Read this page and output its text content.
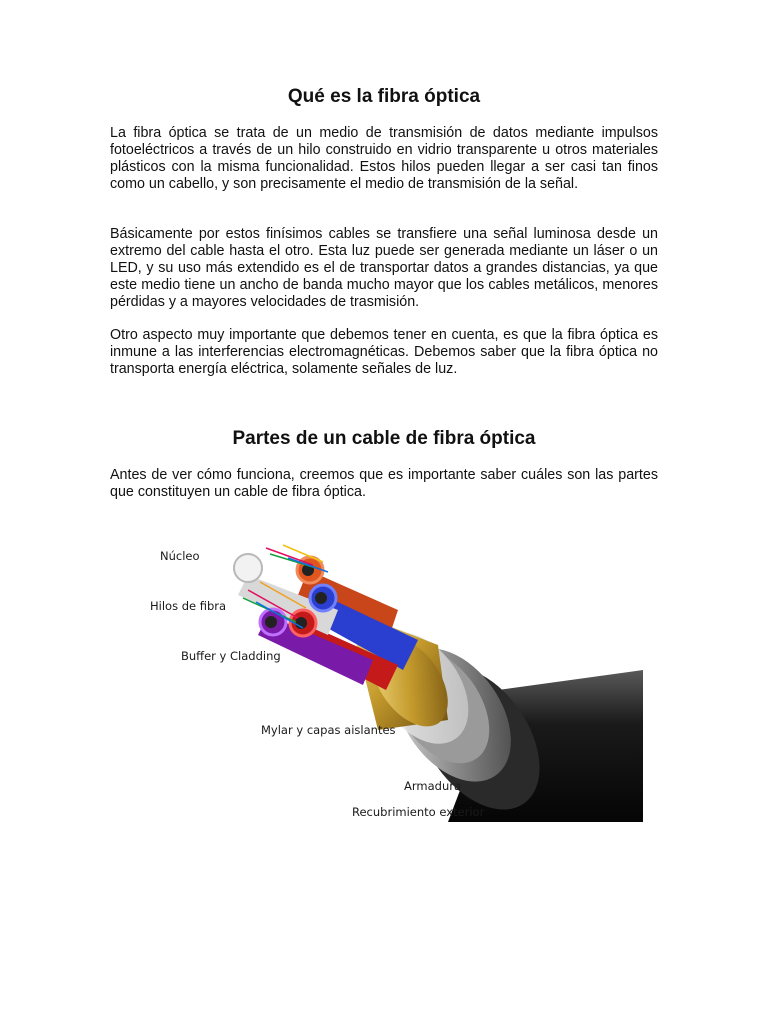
Qué es la fibra óptica

La fibra óptica se trata de un medio de transmisión de datos mediante impulsos fotoeléctricos a través de un hilo construido en vidrio transparente u otros materiales plásticos con la misma funcionalidad. Estos hilos pueden llegar a ser casi tan finos como un cabello, y son precisamente el medio de transmisión de la señal.

Básicamente por estos finísimos cables se transfiere una señal luminosa desde un extremo del cable hasta el otro. Esta luz puede ser generada mediante un láser o un LED, y su uso más extendido es el de transportar datos a grandes distancias, ya que este medio tiene un ancho de banda mucho mayor que los cables metálicos, menores pérdidas y a mayores velocidades de trasmisión.

Otro aspecto muy importante que debemos tener en cuenta, es que la fibra óptica es inmune a las interferencias electromagnéticas. Debemos saber que la fibra óptica no transporta energía eléctrica, solamente señales de luz.

Partes de un cable de fibra óptica

Antes de ver cómo funciona, creemos que es importante saber cuáles son las partes que constituyen un cable de fibra óptica.

Núcleo
Hilos de fibra
Buffer y Cladding
Mylar y capas aislantes
Armadura
Recubrimiento exterior
